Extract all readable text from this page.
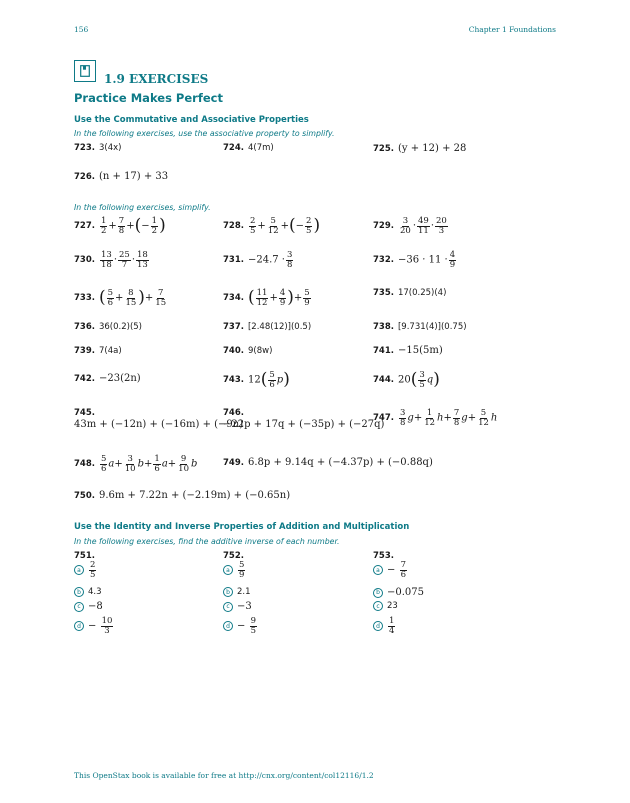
156	Chapter 1 Foundations
1.9 EXERCISES
Practice Makes Perfect
Use the Commutative and Associative Properties
In the following exercises, use the associative property to simplify.
723. 3(4x)	724. 4(7m)	725. (y + 12) + 28
726. (n + 17) + 33
In the following exercises, simplify.
727. $\frac{1}{2} + \frac{7}{8}$ +(− $\frac{1}{2}$ )	728. $\frac{2}{5} + \frac{5}{12}$ +(− $\frac{2}{5}$ )	729. $\frac{3}{20} \cdot \frac{49}{11} \cdot \frac{20}{3}$
730. $\frac{13}{18} \cdot \frac{25}{7} \cdot \frac{18}{13}$	731. $-24.7 \cdot \frac{3}{8}$	732. $-36 \cdot 11 \cdot \frac{4}{9}$
733. ( $\frac{5}{6} + \frac{8}{15}$ )+ $\frac{7}{15}$	734. ( $\frac{11}{12} + \frac{4}{9}$ )+ $\frac{5}{9}$	735. 17(0.25)(4)
736. 36(0.2)(5)	737. [2.48(12)](0.5)	738. [9.731(4)](0.75)
739. 7(4a)	740. 9(8w)	741. −15(5m)
742. −23(2n)	743. $12( \frac{5}{6} p)$	744. $20( \frac{3}{5} q)$
745.
43m + (−12n) + (−16m) + (−9n)
746.
−22p + 17q + (−35p) + (−27q)
747. $\frac{3}{8} g+ \frac{1}{12} h+ \frac{7}{8} g+ \frac{5}{12}$ h
748. $\frac{5}{6} a+ \frac{3}{10} b+ \frac{1}{6} a+ \frac{9}{10}$ b	749. 6.8p + 9.14q + (−4.37p) + (−0.88q)
750. 9.6m + 7.22n + (−2.19m) + (−0.65n)
Use the Identity and Inverse Properties of Addition and Multiplication
In the following exercises, find the additive inverse of each number.
751.
a $\frac{2}{5}$
b 4.3
c −8
$d - \frac{10}{3}$
752.
a $\frac{5}{9}$
b 2.1
c −3
$d - \frac{9}{5}$
753.
$a - \frac{7}{6}$
b −0.075
c 23
d $\frac{1}{4}$
This OpenStax book is available for free at http://cnx.org/content/col12116/1.2
